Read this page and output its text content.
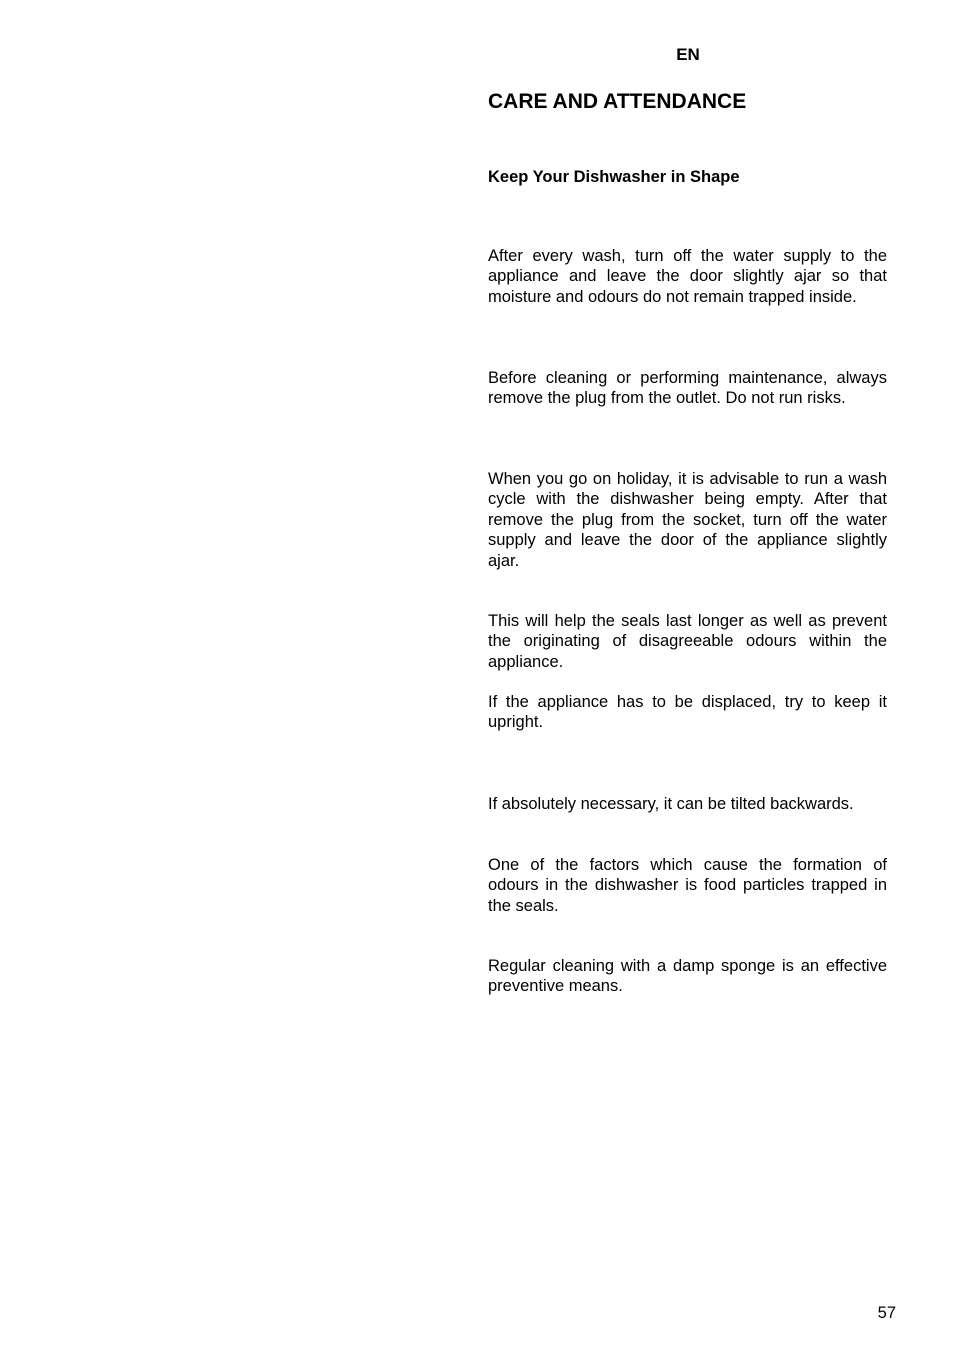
EN
CARE AND ATTENDANCE
Keep Your Dishwasher in Shape

After every wash, turn off the water supply to the appliance and leave the door slightly ajar so that moisture and odours do not remain trapped inside.

Before cleaning or performing maintenance, always remove the plug from the outlet. Do not run risks.

When you go on holiday, it is advisable to run a wash cycle with the dishwasher being empty. After that remove the plug from the socket, turn off the water supply and leave the door of the appliance slightly ajar.

This will help the seals last longer as well as prevent the originating of disagreeable odours within the appliance.

If the appliance has to be displaced, try to keep it upright.

If absolutely necessary, it can be tilted backwards.

One of the factors which cause the formation of odours in the dishwasher is food particles trapped in the seals.

Regular cleaning with a damp sponge is an effective preventive means.

57
